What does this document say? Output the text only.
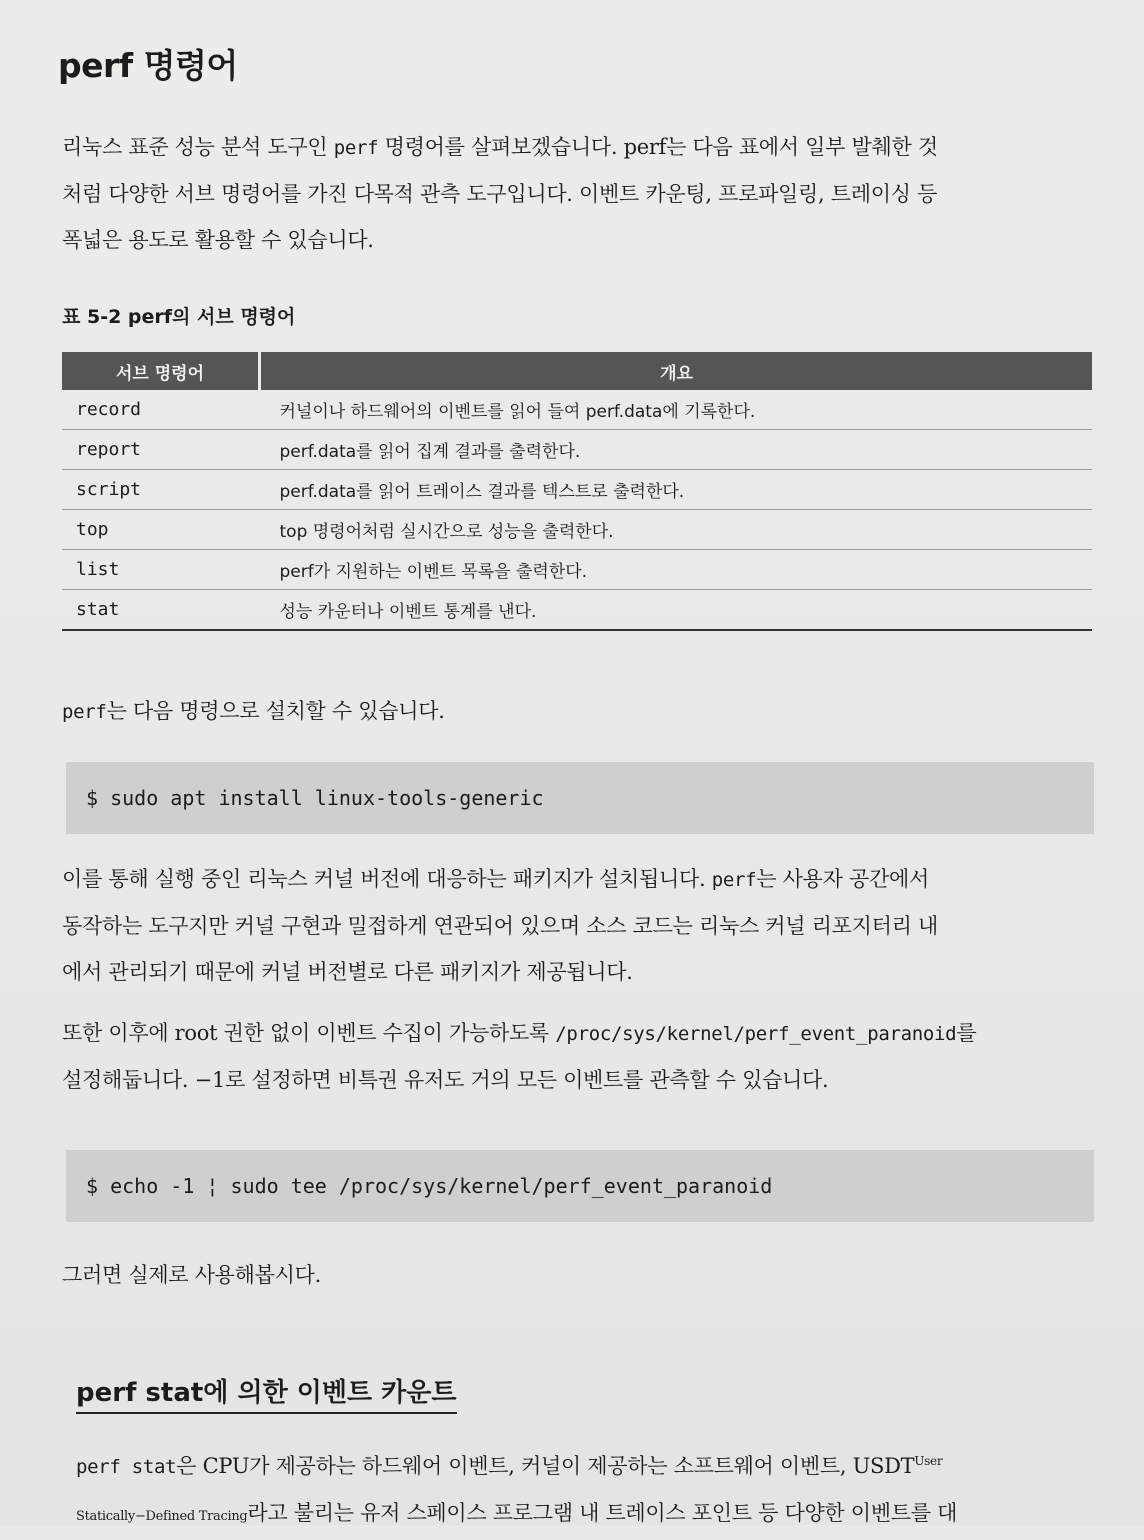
perf 명령어
리눅스 표준 성능 분석 도구인 perf 명령어를 살펴보겠습니다. perf는 다음 표에서 일부 발췌한 것
처럼 다양한 서브 명령어를 가진 다목적 관측 도구입니다. 이벤트 카운팅, 프로파일링, 트레이싱 등
폭넓은 용도로 활용할 수 있습니다.
표 5-2 perf의 서브 명령어
서브 명령어	개요
record	커널이나 하드웨어의 이벤트를 읽어 들여 perf.data에 기록한다.
report	perf.data를 읽어 집계 결과를 출력한다.
script	perf.data를 읽어 트레이스 결과를 텍스트로 출력한다.
top	top 명령어처럼 실시간으로 성능을 출력한다.
list	perf가 지원하는 이벤트 목록을 출력한다.
stat	성능 카운터나 이벤트 통계를 낸다.
perf는 다음 명령으로 설치할 수 있습니다.
$ sudo apt install linux-tools-generic
이를 통해 실행 중인 리눅스 커널 버전에 대응하는 패키지가 설치됩니다. perf는 사용자 공간에서
동작하는 도구지만 커널 구현과 밀접하게 연관되어 있으며 소스 코드는 리눅스 커널 리포지터리 내
에서 관리되기 때문에 커널 버전별로 다른 패키지가 제공됩니다.
또한 이후에 root 권한 없이 이벤트 수집이 가능하도록 /proc/sys/kernel/perf_event_paranoid를
설정해둡니다. −1로 설정하면 비특권 유저도 거의 모든 이벤트를 관측할 수 있습니다.
$ echo -1 ¦ sudo tee /proc/sys/kernel/perf_event_paranoid
그러면 실제로 사용해봅시다.
perf stat에 의한 이벤트 카운트
perf stat은 CPU가 제공하는 하드웨어 이벤트, 커널이 제공하는 소프트웨어 이벤트, $USDT^{User}$
Statically−Defined Tracing라고 불리는 유저 스페이스 프로그램 내 트레이스 포인트 등 다양한 이벤트를 대
